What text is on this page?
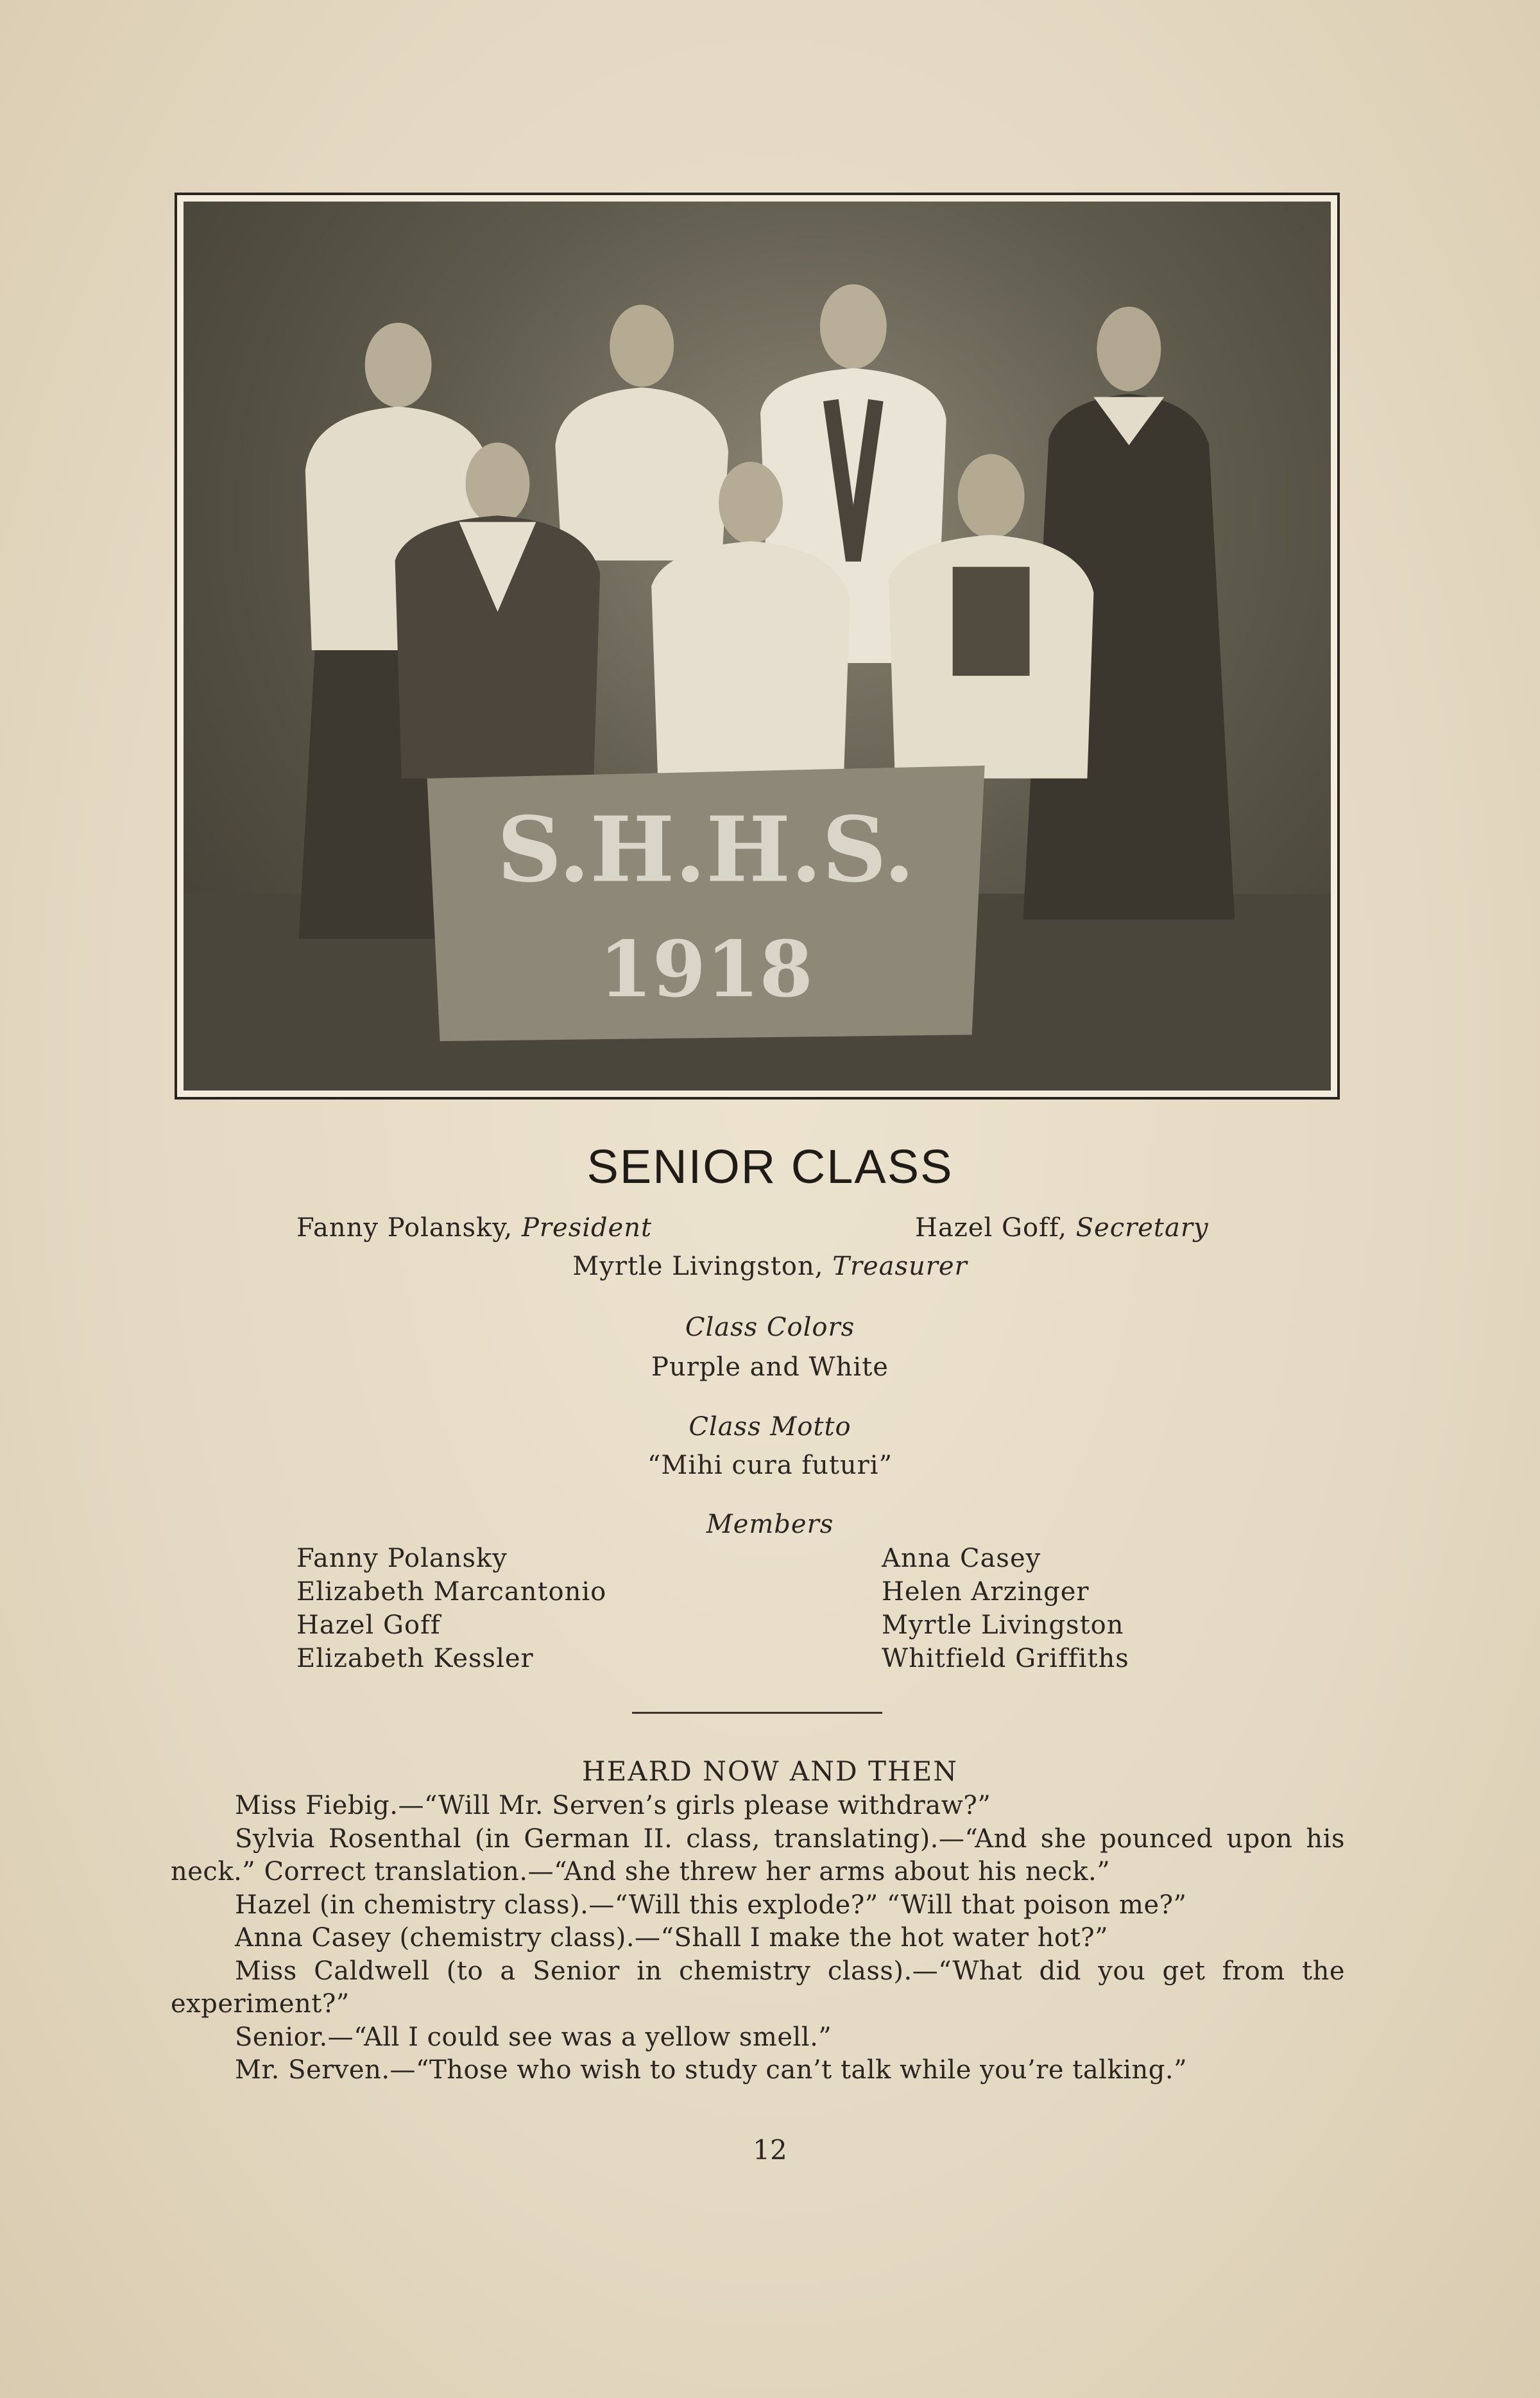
S.H.H.S.
1918
SENIOR CLASS
Fanny Polansky, President	Hazel Goff, Secretary
Myrtle Livingston, Treasurer
Class Colors
Purple and White
Class Motto
“Mihi cura futuri”
Members
Fanny Polansky
Elizabeth Marcantonio
Hazel Goff
Elizabeth Kessler
Anna Casey
Helen Arzinger
Myrtle Livingston
Whitfield Griffiths
HEARD NOW AND THEN

Miss Fiebig.—“Will Mr. Serven’s girls please withdraw?”

Sylvia Rosenthal (in German II. class, translating).—“And she pounced upon his neck.” Correct translation.—“And she threw her arms about his neck.”

Hazel (in chemistry class).—“Will this explode?” “Will that poison me?”

Anna Casey (chemistry class).—“Shall I make the hot water hot?”

Miss Caldwell (to a Senior in chemistry class).—“What did you get from the experiment?”

Senior.—“All I could see was a yellow smell.”

Mr. Serven.—“Those who wish to study can’t talk while you’re talking.”

12
